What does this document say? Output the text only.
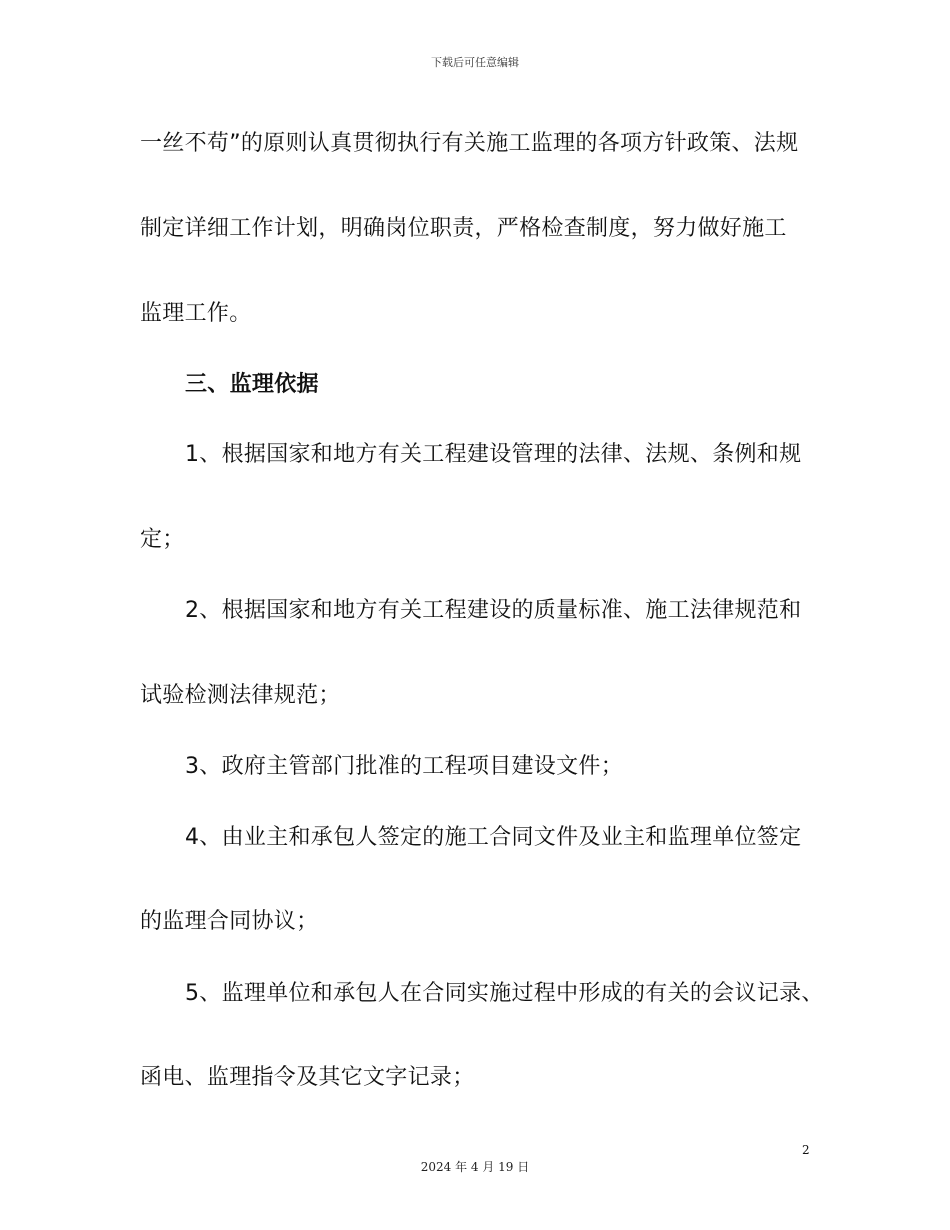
下载后可任意编辑
一丝不苟”的原则认真贯彻执行有关施工监理的各项方针政策、法规
制定详细工作计划，明确岗位职责，严格检查制度，努力做好施工
监理工作。
三、监理依据
1、根据国家和地方有关工程建设管理的法律、法规、条例和规
定；
2、根据国家和地方有关工程建设的质量标准、施工法律规范和
试验检测法律规范；
3、政府主管部门批准的工程项目建设文件；
4、由业主和承包人签定的施工合同文件及业主和监理单位签定
的监理合同协议；
5、监理单位和承包人在合同实施过程中形成的有关的会议记录、
函电、监理指令及其它文字记录；
2
2024 年 4 月 19 日
